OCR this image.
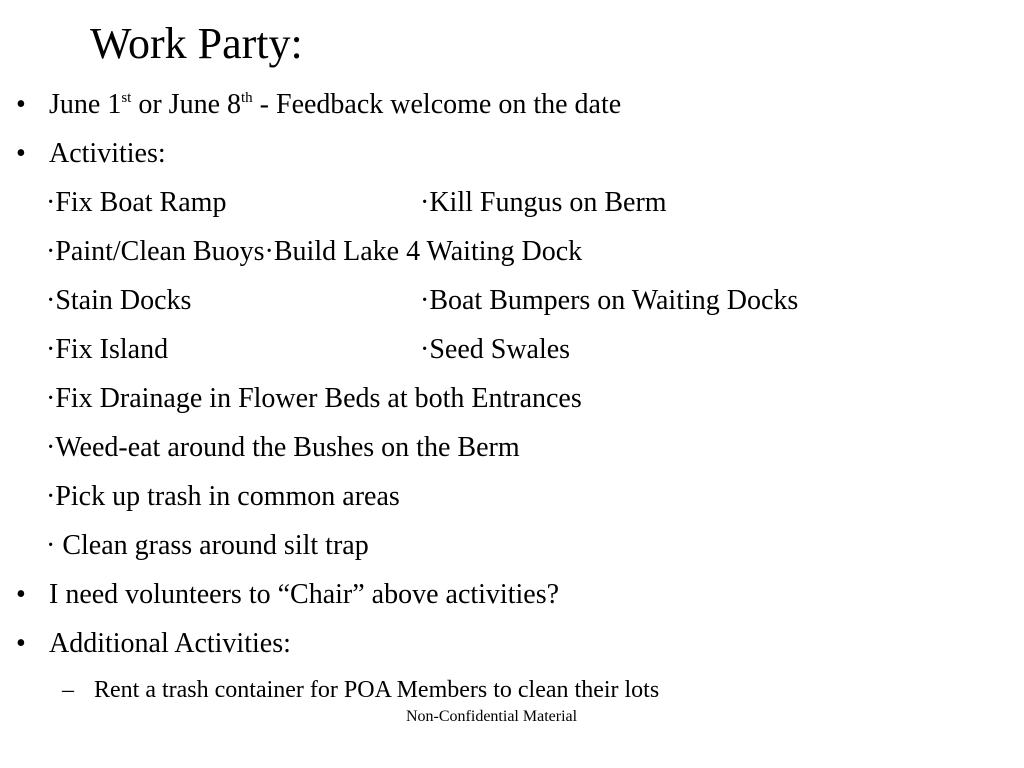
Work Party:
• June 1st or June 8th - Feedback welcome on the date
• Activities:
·Fix Boat Ramp	·Kill Fungus on Berm
·Paint/Clean Buoys·Build Lake 4 Waiting Dock
·Stain Docks	·Boat Bumpers on Waiting Docks
·Fix Island	·Seed Swales
·Fix Drainage in Flower Beds at both Entrances
·Weed-eat around the Bushes on the Berm
·Pick up trash in common areas
· Clean grass around silt trap
• I need volunteers to “Chair” above activities?
• Additional Activities:
– Rent a trash container for POA Members to clean their lots
Non-Confidential Material
